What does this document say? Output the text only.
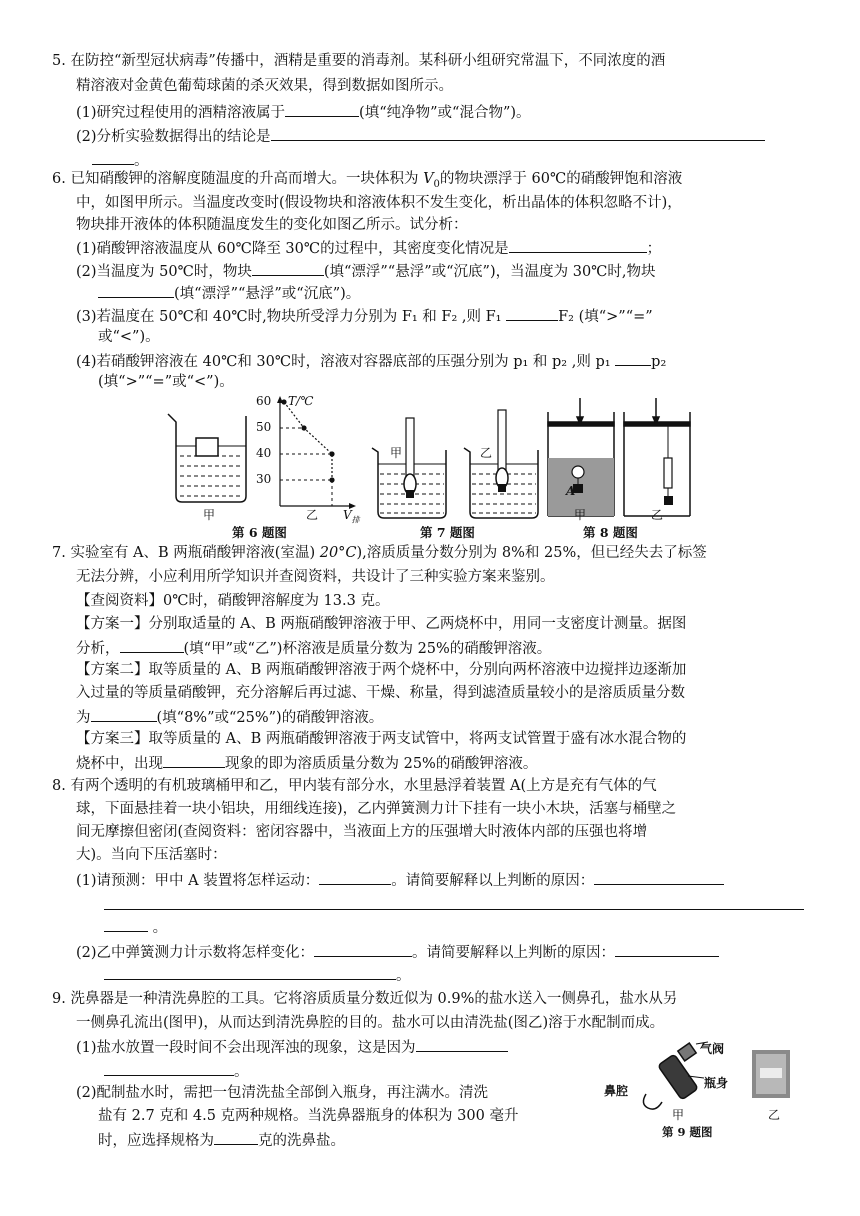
5. 在防控“新型冠状病毒”传播中，酒精是重要的消毒剂。某科研小组研究常温下，不同浓度的酒
精溶液对金黄色葡萄球菌的杀灭效果，得到数据如图所示。
(1)研究过程使用的酒精溶液属于	(填“纯净物”或“混合物”)。
(2)分析实验数据得出的结论是
。
6. 已知硝酸钾的溶解度随温度的升高而增大。一块体积为 $V_0$的物块漂浮于 60℃的硝酸钾饱和溶液
中，如图甲所示。当温度改变时(假设物块和溶液体积不发生变化，析出晶体的体积忽略不计)，
物块排开液体的体积随温度发生的变化如图乙所示。试分析：
(1)硝酸钾溶液温度从 60℃降至 30℃的过程中，其密度变化情况是	；
(2)当温度为 50℃时，物块	(填“漂浮”“悬浮”或“沉底”)，当温度为 30℃时,物块
(填“漂浮”“悬浮”或“沉底”)。
(3)若温度在 50℃和 40℃时,物块所受浮力分别为 F₁ 和 F₂ ,则 F₁	F₂ (填“>”“=”
或“<”)。
(4)若硝酸钾溶液在 40℃和 30℃时，溶液对容器底部的压强分别为 p₁ 和 p₂ ,则 p₁ p₂
(填“>”“=”或“<”)。
甲	乙
T/℃
$V_排$
60
50
40
30
甲	乙
A
甲	乙
第 6 题图	第 7 题图	第 8 题图
7. 实验室有 A、B 两瓶硝酸钾溶液(室温) 20°C),溶质质量分数分别为 8%和 25%，但已经失去了标签
无法分辨，小应利用所学知识并查阅资料，共设计了三种实验方案来鉴别。
【查阅资料】0℃时，硝酸钾溶解度为 13.3 克。
【方案一】分别取适量的 A、B 两瓶硝酸钾溶液于甲、乙两烧杯中，用同一支密度计测量。据图
分析，	(填“甲”或“乙”)杯溶液是质量分数为 25%的硝酸钾溶液。
【方案二】取等质量的 A、B 两瓶硝酸钾溶液于两个烧杯中，分别向两杯溶液中边搅拌边逐渐加
入过量的等质量硝酸钾，充分溶解后再过滤、干燥、称量，得到滤渣质量较小的是溶质质量分数
为	(填“8%”或“25%”)的硝酸钾溶液。
【方案三】取等质量的 A、B 两瓶硝酸钾溶液于两支试管中，将两支试管置于盛有冰水混合物的
烧杯中，出现	现象的即为溶质质量分数为 25%的硝酸钾溶液。
8. 有两个透明的有机玻璃桶甲和乙，甲内装有部分水，水里悬浮着装置 A(上方是充有气体的气
球，下面悬挂着一块小铝块，用细线连接)，乙内弹簧测力计下挂有一块小木块，活塞与桶壁之
间无摩擦但密闭(查阅资料：密闭容器中，当液面上方的压强增大时液体内部的压强也将增
大)。当向下压活塞时：
(1)请预测：甲中 A 装置将怎样运动：	。请简要解释以上判断的原因：
。
(2)乙中弹簧测力计示数将怎样变化：	。请简要解释以上判断的原因：
。
9. 洗鼻器是一种清洗鼻腔的工具。它将溶质质量分数近似为 0.9%的盐水送入一侧鼻孔，盐水从另
一侧鼻孔流出(图甲)，从而达到清洗鼻腔的目的。盐水可以由清洗盐(图乙)溶于水配制而成。
(1)盐水放置一段时间不会出现浑浊的现象，这是因为
。
(2)配制盐水时，需把一包清洗盐全部倒入瓶身，再注满水。清洗
盐有 2.7 克和 4.5 克两种规格。当洗鼻器瓶身的体积为 300 毫升
时，应选择规格为	克的洗鼻盐。
气阀
鼻腔
瓶身
甲	乙
第 9 题图
